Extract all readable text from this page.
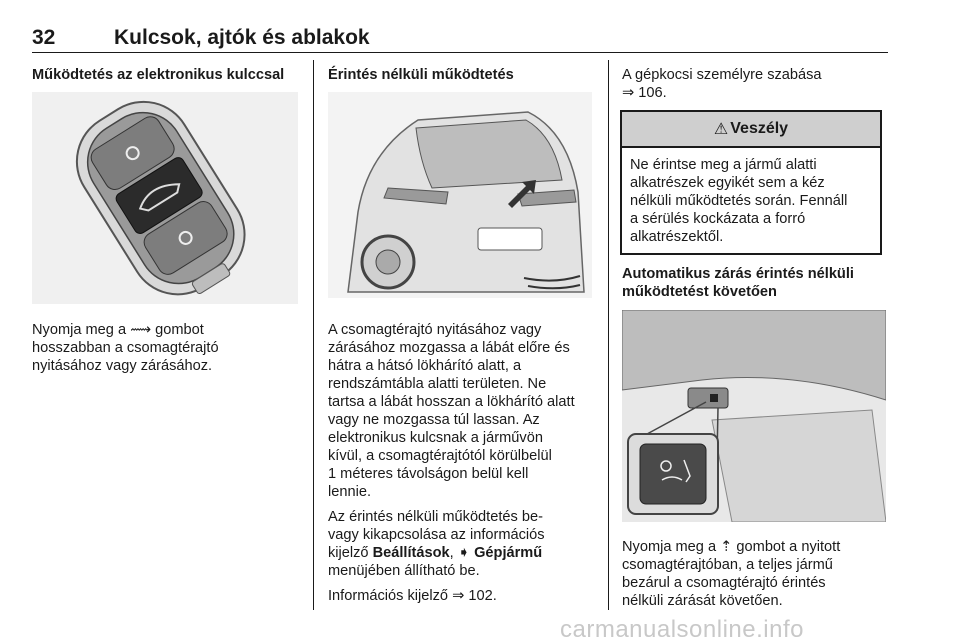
32	Kulcsok, ajtók és ablakok

Működtetés az elektronikus kulccsal

Nyomja meg a ⟿ gombot
hosszabban a csomagtérajtó
nyitásához vagy zárásához.

Érintés nélküli működtetés

A csomagtérajtó nyitásához vagy
zárásához mozgassa a lábát előre és
hátra a hátsó lökhárító alatt, a
rendszámtábla alatti területen. Ne
tartsa a lábát hosszan a lökhárító alatt
vagy ne mozgassa túl lassan. Az
elektronikus kulcsnak a járművön
kívül, a csomagtérajtótól körülbelül
1 méteres távolságon belül kell
lennie.

Az érintés nélküli működtetés be-
vagy kikapcsolása az információs
kijelző Beállítások, ➧ Gépjármű
menüjében állítható be.

Információs kijelző ⇒ 102.

A gépkocsi személyre szabása
⇒ 106.

⚠ Veszély
Ne érintse meg a jármű alatti
alkatrészek egyikét sem a kéz
nélküli működtetés során. Fennáll
a sérülés kockázata a forró
alkatrészektől.

Automatikus zárás érintés nélküli
működtetést követően

Nyomja meg a ⇡ gombot a nyitott
csomagtérajtóban, a teljes jármű
bezárul a csomagtérajtó érintés
nélküli zárását követően.

carmanualsonline.info
